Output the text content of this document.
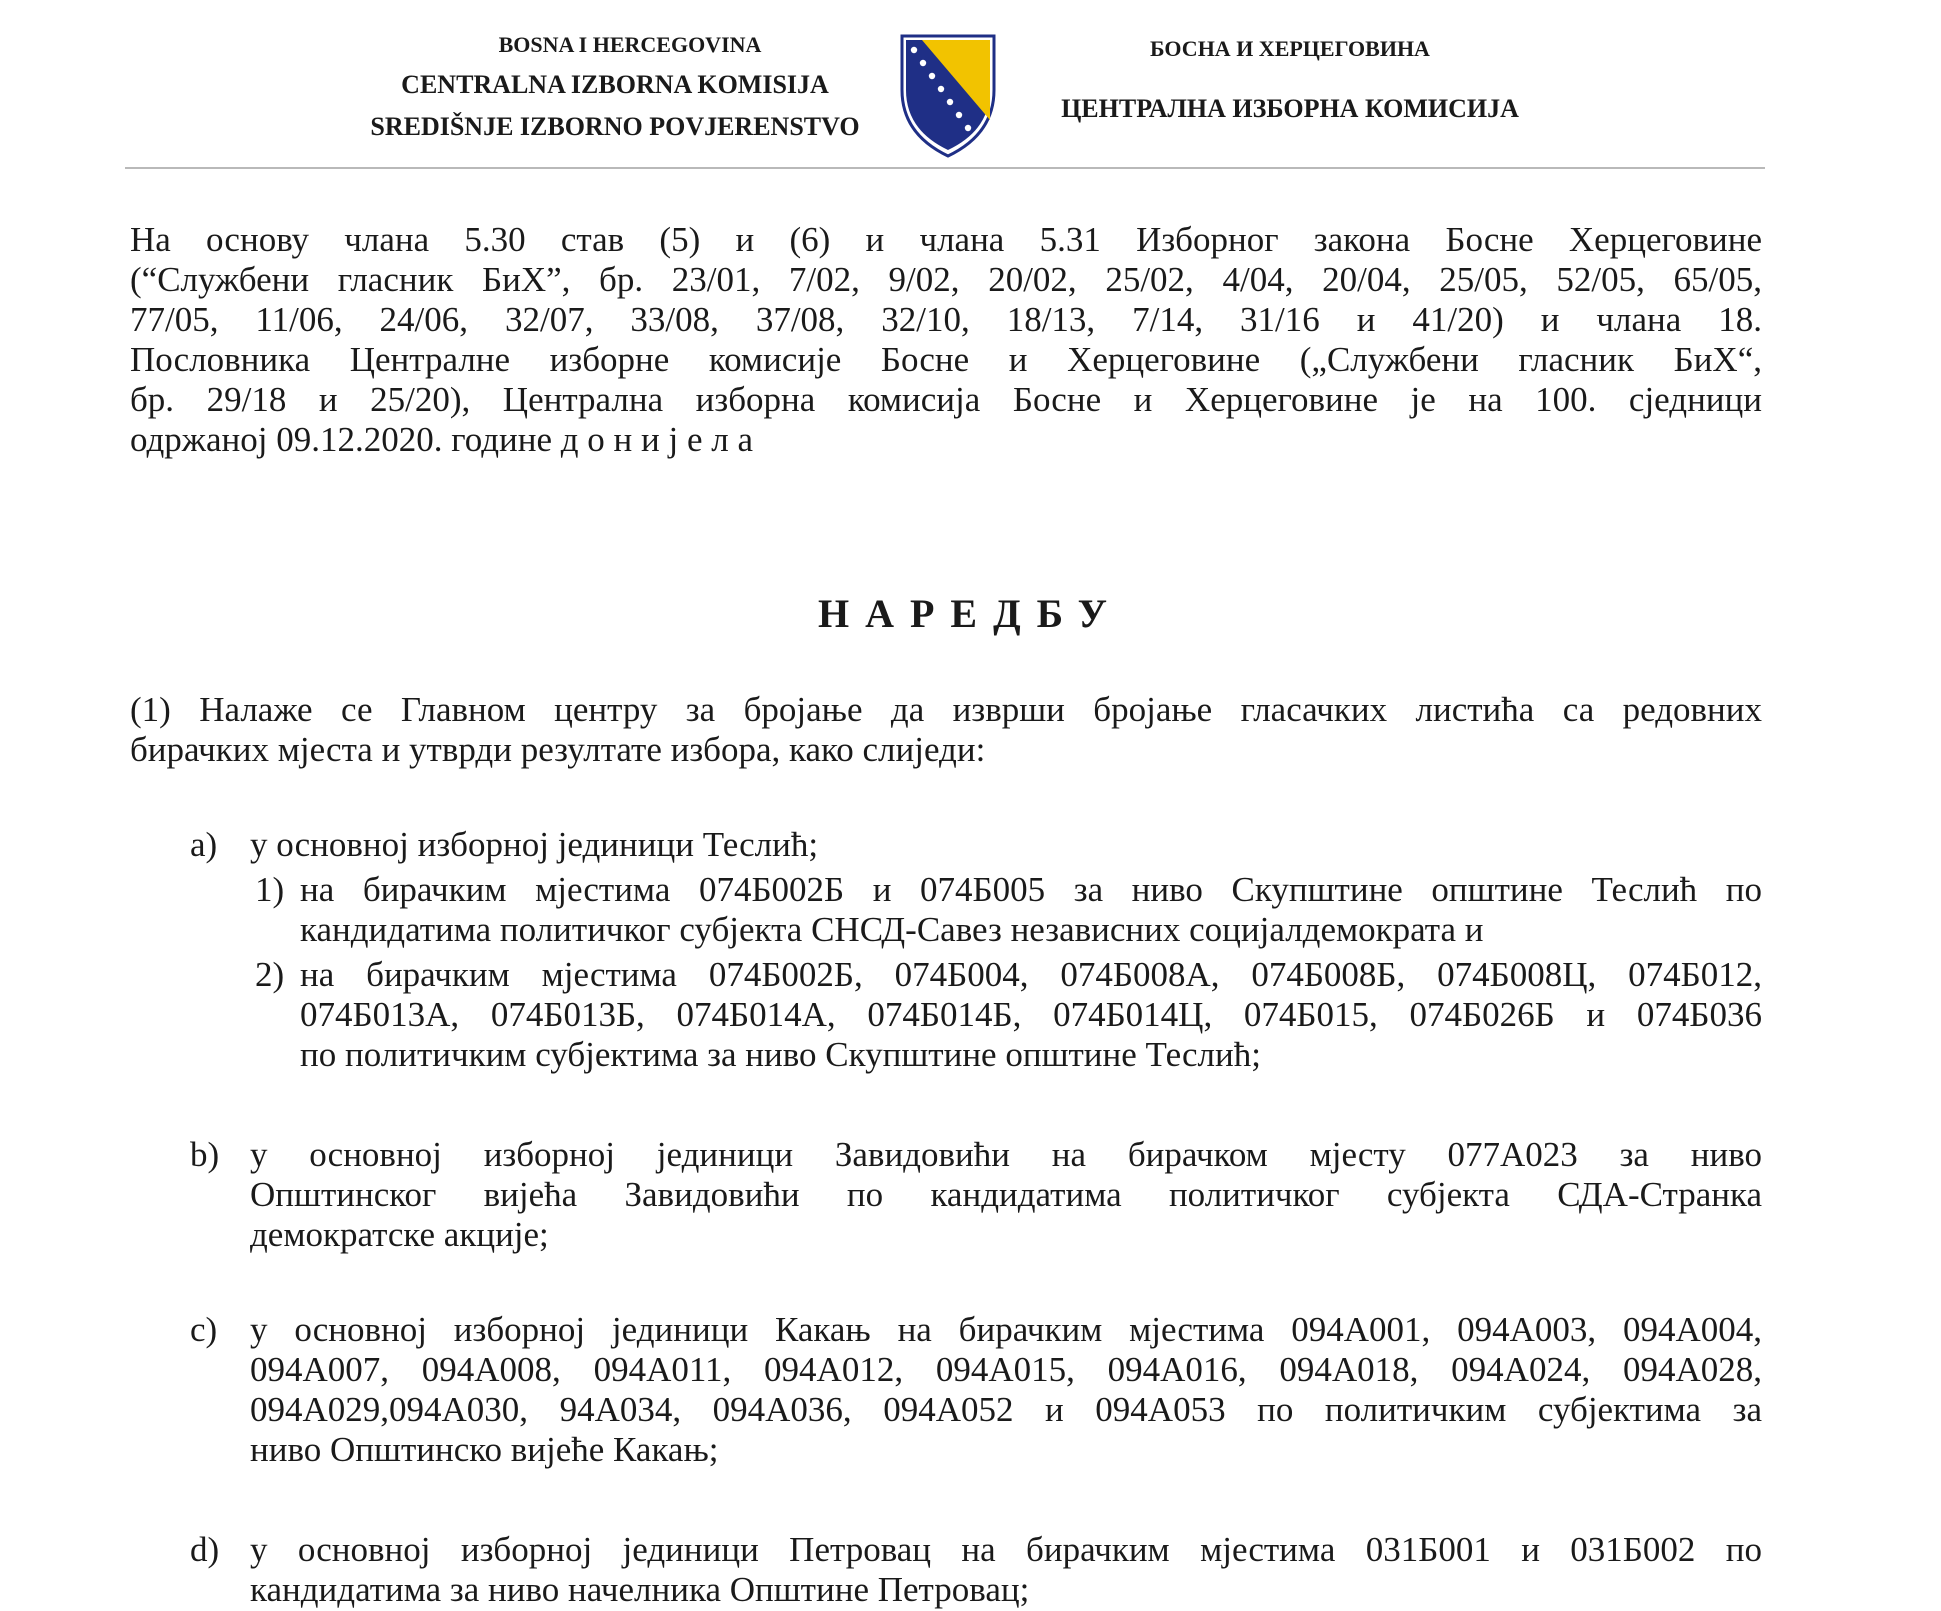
BOSNA I HERCEGOVINA
CENTRALNA IZBORNA KOMISIJA
SREDIŠNJE IZBORNO POVJERENSTVO
БОСНА И ХЕРЦЕГОВИНА
ЦЕНТРАЛНА ИЗБОРНА КОМИСИЈА
На основу члана 5.30 став (5) и (6) и члана 5.31 Изборног закона Босне Херцеговине
(“Службени гласник БиХ”, бр. 23/01, 7/02, 9/02, 20/02, 25/02, 4/04, 20/04, 25/05, 52/05, 65/05,
77/05, 11/06, 24/06, 32/07, 33/08, 37/08, 32/10, 18/13, 7/14, 31/16 и 41/20) и члана 18.
Пословника Централне изборне комисије Босне и Херцеговине („Службени гласник БиХ“,
бр. 29/18 и 25/20), Централна изборна комисија Босне и Херцеговине је на 100. сједници
одржаној 09.12.2020. године д о н и ј е л а
НАРЕДБУ
(1) Налаже се Главном центру за бројање да изврши бројање гласачких листића са редовних
бирачких мјеста и утврди резултате избора, како слиједи:
a) у основној изборној јединици Теслић;
1) на бирачким мјестима 074Б002Б и 074Б005 за ниво Скупштине општине Теслић по
кандидатима политичког субјекта СНСД-Савез независних социјалдемократа и
2) на бирачким мјестима 074Б002Б, 074Б004, 074Б008А, 074Б008Б, 074Б008Ц, 074Б012,
074Б013А, 074Б013Б, 074Б014А, 074Б014Б, 074Б014Ц, 074Б015, 074Б026Б и 074Б036
по политичким субјектима за ниво Скупштине општине Теслић;
b) у основној изборној јединици Завидовићи на бирачком мјесту 077А023 за ниво
Општинског вијећа Завидовићи по кандидатима политичког субјекта СДА-Странка
демократске акције;
c) у основној изборној јединици Какањ на бирачким мјестима 094А001, 094А003, 094А004,
094А007, 094А008, 094А011, 094А012, 094А015, 094А016, 094А018, 094А024, 094А028,
094А029,094А030, 94А034, 094А036, 094А052 и 094А053 по политичким субјектима за
ниво Општинско вијеће Какањ;
d) у основној изборној јединици Петровац на бирачким мјестима 031Б001 и 031Б002 по
кандидатима за ниво начелника Општине Петровац;
